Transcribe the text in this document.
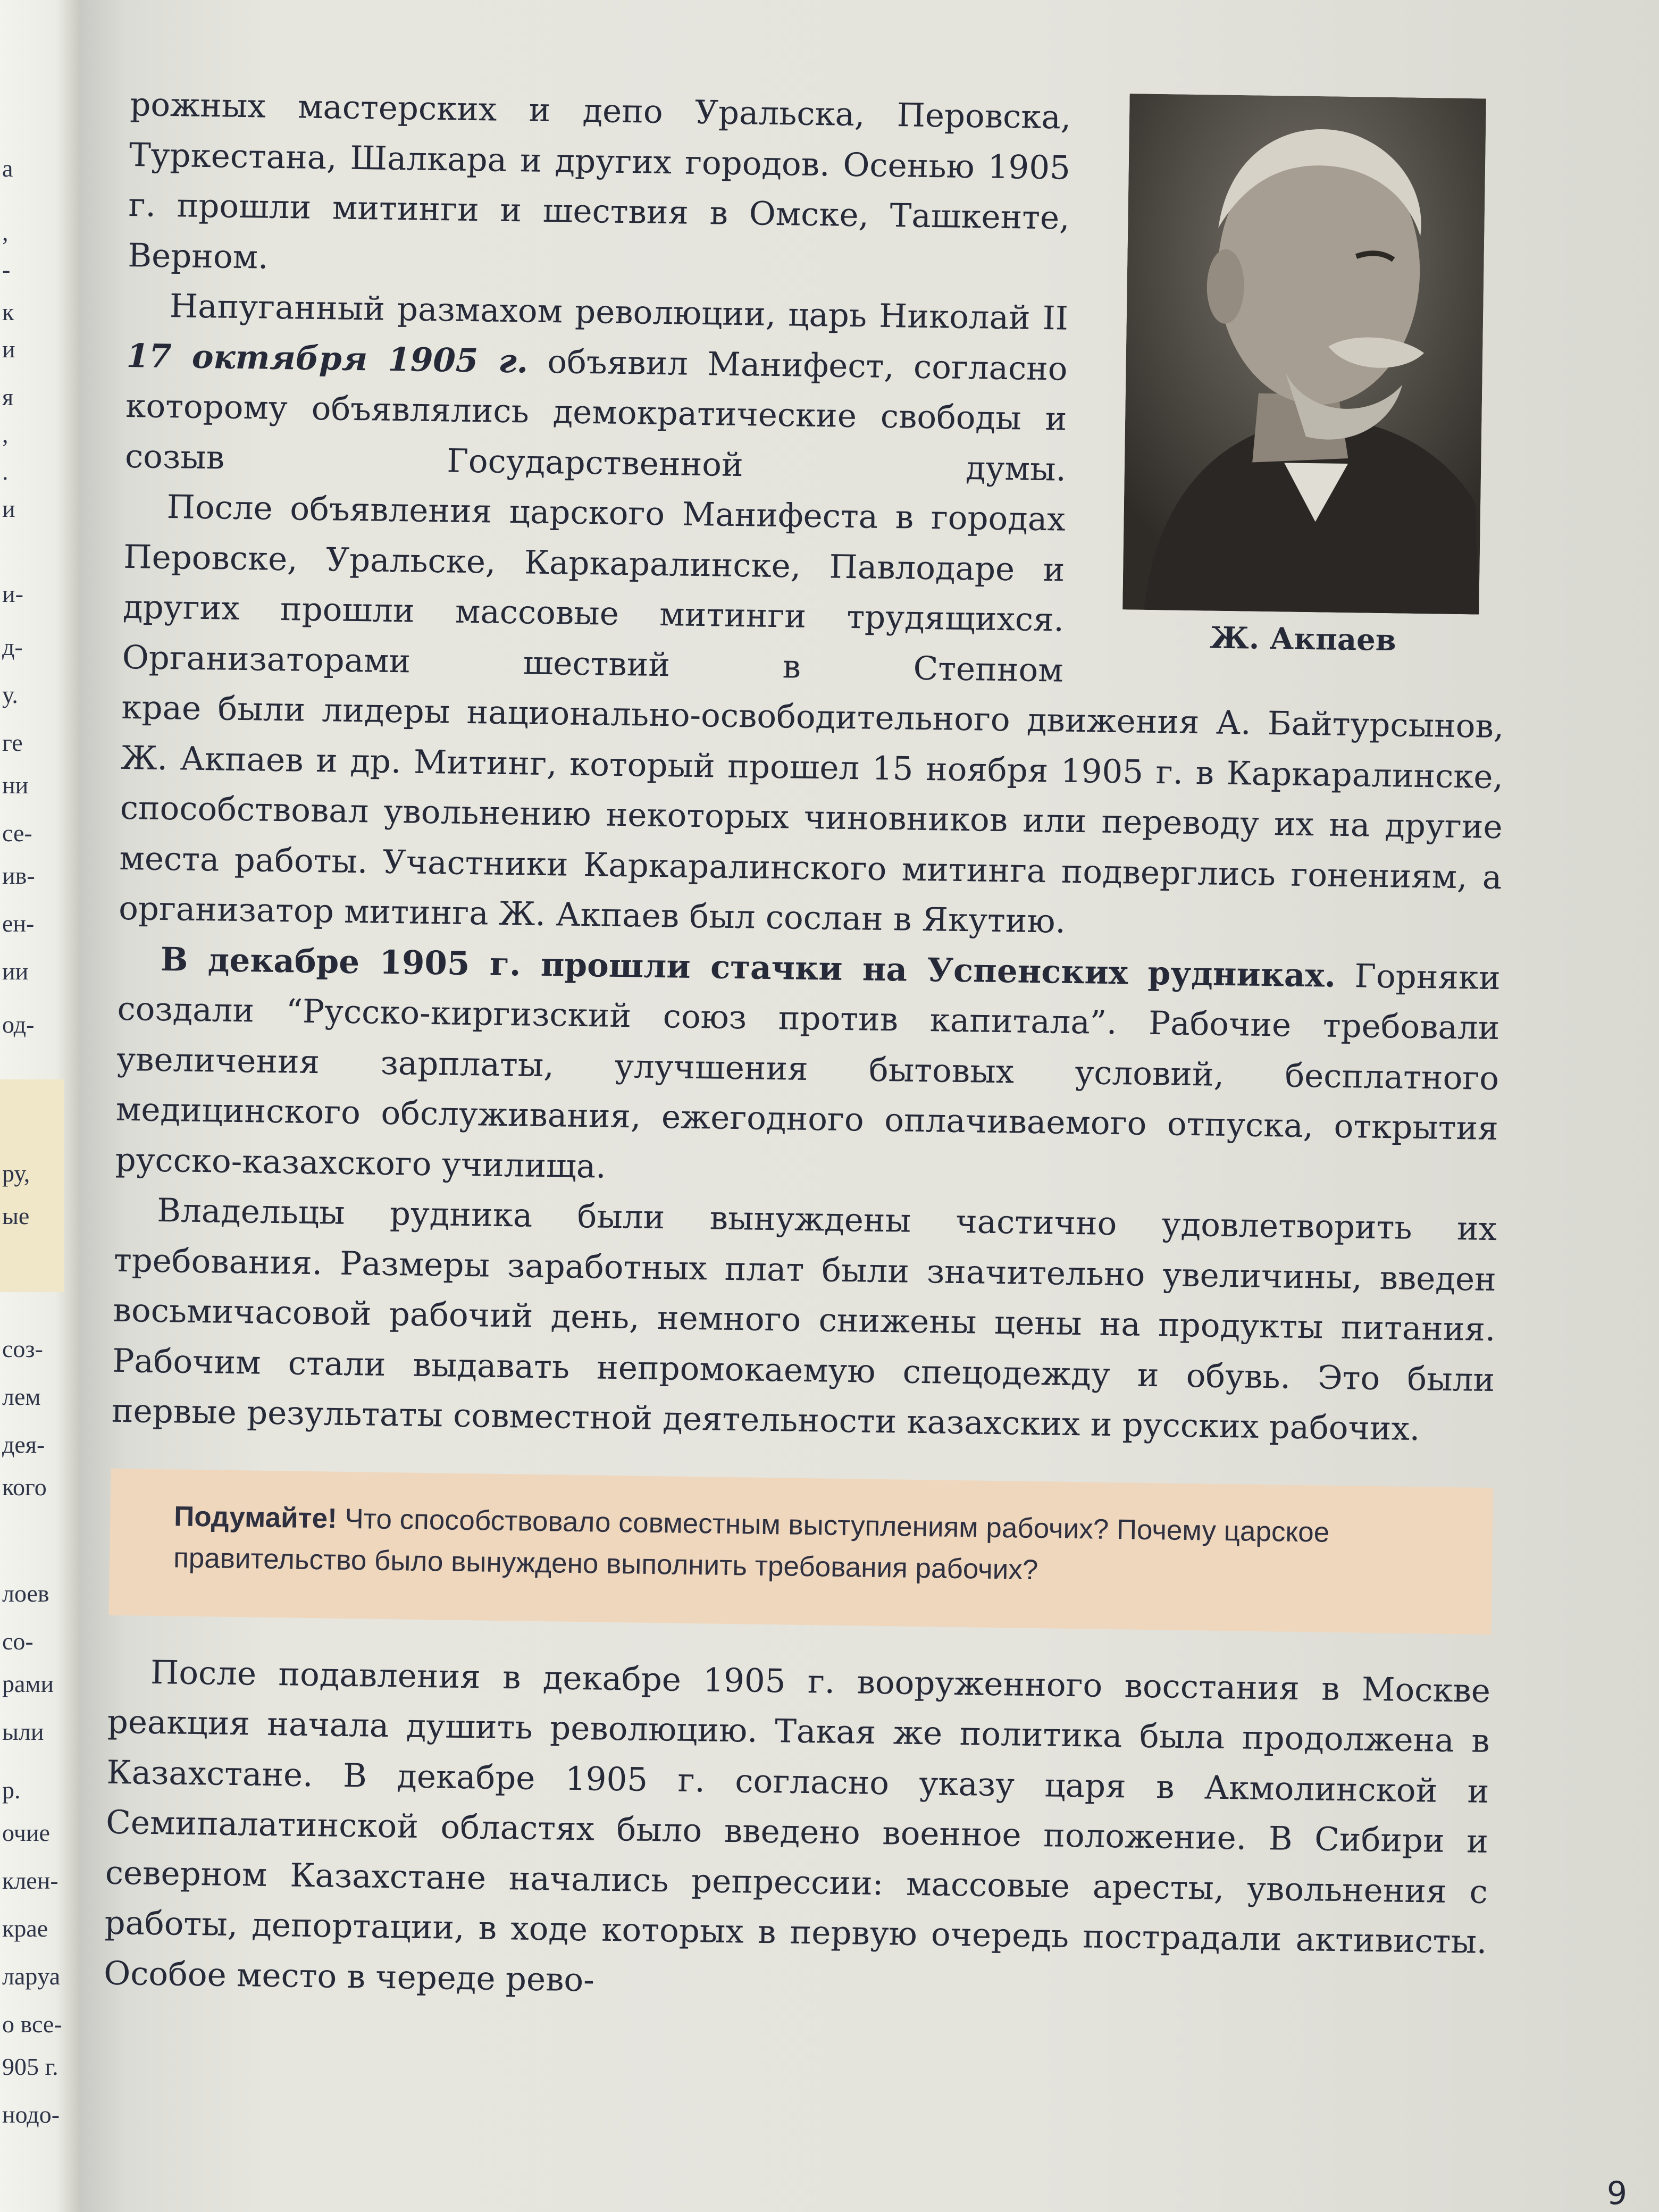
а
,
-
к
и
я
,
.
и
и-
д-
у.
ге
ни
се-
ив-
ен-
ии
од-
ру,
ые
соз-
лем
дея-
кого
лоев
со-
рами
ыли
р.
очие
клен-
крае
лаpуа
о все-
905 г.
нодо-
Ж. Акпаев

рожных мастерских и депо Уральска, Перовска, Туркестана, Шалкара и других городов. Осенью 1905 г. прошли митинги и шествия в Омске, Ташкенте, Верном.

Напуганный размахом революции, царь Николай II 17 октября 1905 г. объявил Манифест, согласно которому объявлялись демократические свободы и созыв Государственной думы.

После объявления царского Манифеста в городах Перовске, Уральске, Каркаралинске, Павлодаре и других прошли массовые митинги трудящихся. Организаторами шествий в Степном

крае были лидеры национально-освободительного движения А. Байтурсынов, Ж. Акпаев и др. Митинг, который прошел 15 ноября 1905 г. в Каркаралинске, способствовал увольнению некоторых чиновников или переводу их на другие места работы. Участники Каркаралинского митинга подверглись гонениям, а организатор митинга Ж. Акпаев был сослан в Якутию.

В декабре 1905 г. прошли стачки на Успенских рудниках. Горняки создали “Русско-киргизский союз против капитала”. Рабочие требовали увеличения зарплаты, улучшения бытовых условий, бесплатного медицинского обслуживания, ежегодного оплачиваемого отпуска, открытия русско-казахского училища.

Владельцы рудника были вынуждены частично удовлетворить их требования. Размеры заработных плат были значительно увеличины, введен восьмичасовой рабочий день, немного снижены цены на продукты питания. Рабочим стали выдавать непромокаемую спецодежду и обувь. Это были первые результаты совместной деятельности казахских и русских рабочих.

Подумайте! Что способствовало совместным выступлениям рабочих? Почему царское правительство было вынуждено выполнить требования рабочих?

После подавления в декабре 1905 г. вооруженного восстания в Москве реакция начала душить революцию. Такая же политика была продолжена в Казахстане. В декабре 1905 г. согласно указу царя в Акмолинской и Семипалатинской областях было введено военное положение. В Сибири и северном Казахстане начались репрессии: массовые аресты, увольнения с работы, депортации, в ходе которых в первую очередь пострадали активисты. Особое место в череде рево-

9
